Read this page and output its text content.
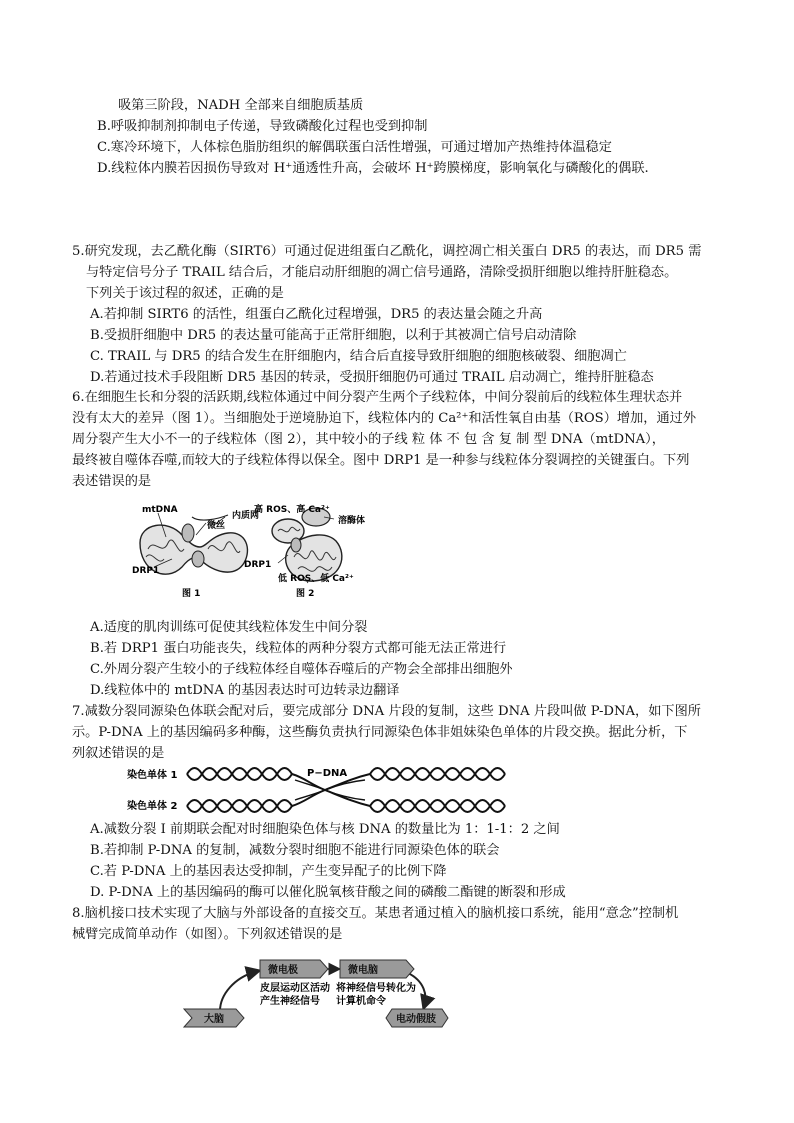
吸第三阶段，NADH 全部来自细胞质基质
B.呼吸抑制剂抑制电子传递，导致磷酸化过程也受到抑制
C.寒冷环境下，人体棕色脂肪组织的解偶联蛋白活性增强，可通过增加产热维持体温稳定
D.线粒体内膜若因损伤导致对 H⁺通透性升高，会破坏 H⁺跨膜梯度，影响氧化与磷酸化的偶联.
5.研究发现，去乙酰化酶（SIRT6）可通过促进组蛋白乙酰化，调控凋亡相关蛋白 DR5 的表达，而 DR5 需
与特定信号分子 TRAIL 结合后，才能启动肝细胞的凋亡信号通路，清除受损肝细胞以维持肝脏稳态。
下列关于该过程的叙述，正确的是
A.若抑制 SIRT6 的活性，组蛋白乙酰化过程增强，DR5 的表达量会随之升高
B.受损肝细胞中 DR5 的表达量可能高于正常肝细胞，以利于其被凋亡信号启动清除
C. TRAIL 与 DR5 的结合发生在肝细胞内，结合后直接导致肝细胞的细胞核破裂、细胞凋亡
D.若通过技术手段阻断 DR5 基因的转录，受损肝细胞仍可通过 TRAIL 启动凋亡，维持肝脏稳态
6.在细胞生长和分裂的活跃期,线粒体通过中间分裂产生两个子线粒体，中间分裂前后的线粒体生理状态并
没有太大的差异（图 1）。当细胞处于逆境胁迫下，线粒体内的 Ca²⁺和活性氧自由基（ROS）增加，通过外
周分裂产生大小不一的子线粒体（图 2），其中较小的子线 粒 体 不 包 含 复 制 型 DNA（mtDNA），
最终被自噬体吞噬,而较大的子线粒体得以保全。图中 DRP1 是一种参与线粒体分裂调控的关键蛋白。下列
表述错误的是
mtDNA
内质网
微丝
DRP1
图 1
高 ROS、高 Ca²⁺
溶酶体
DRP1
低 ROS、低 Ca²⁺
图 2
A.适度的肌肉训练可促使其线粒体发生中间分裂
B.若 DRP1 蛋白功能丧失，线粒体的两种分裂方式都可能无法正常进行
C.外周分裂产生较小的子线粒体经自噬体吞噬后的产物会全部排出细胞外
D.线粒体中的 mtDNA 的基因表达时可边转录边翻译
7.减数分裂同源染色体联会配对后，要完成部分 DNA 片段的复制，这些 DNA 片段叫做 P-DNA，如下图所
示。P-DNA 上的基因编码多种酶，这些酶负责执行同源染色体非姐妹染色单体的片段交换。据此分析，下
列叙述错误的是
染色单体 1
染色单体 2
P−DNA
A.减数分裂 I 前期联会配对时细胞染色体与核 DNA 的数量比为 1：1-1：2 之间
B.若抑制 P-DNA 的复制，减数分裂时细胞不能进行同源染色体的联会
C.若 P-DNA 上的基因表达受抑制，产生变异配子的比例下降
D. P-DNA 上的基因编码的酶可以催化脱氧核苷酸之间的磷酸二酯键的断裂和形成
8.脑机接口技术实现了大脑与外部设备的直接交互。某患者通过植入的脑机接口系统，能用“意念”控制机
械臂完成简单动作（如图）。下列叙述错误的是
微电极	微电脑
大脑	电动假肢
皮层运动区活动
产生神经信号
将神经信号转化为
计算机命令
